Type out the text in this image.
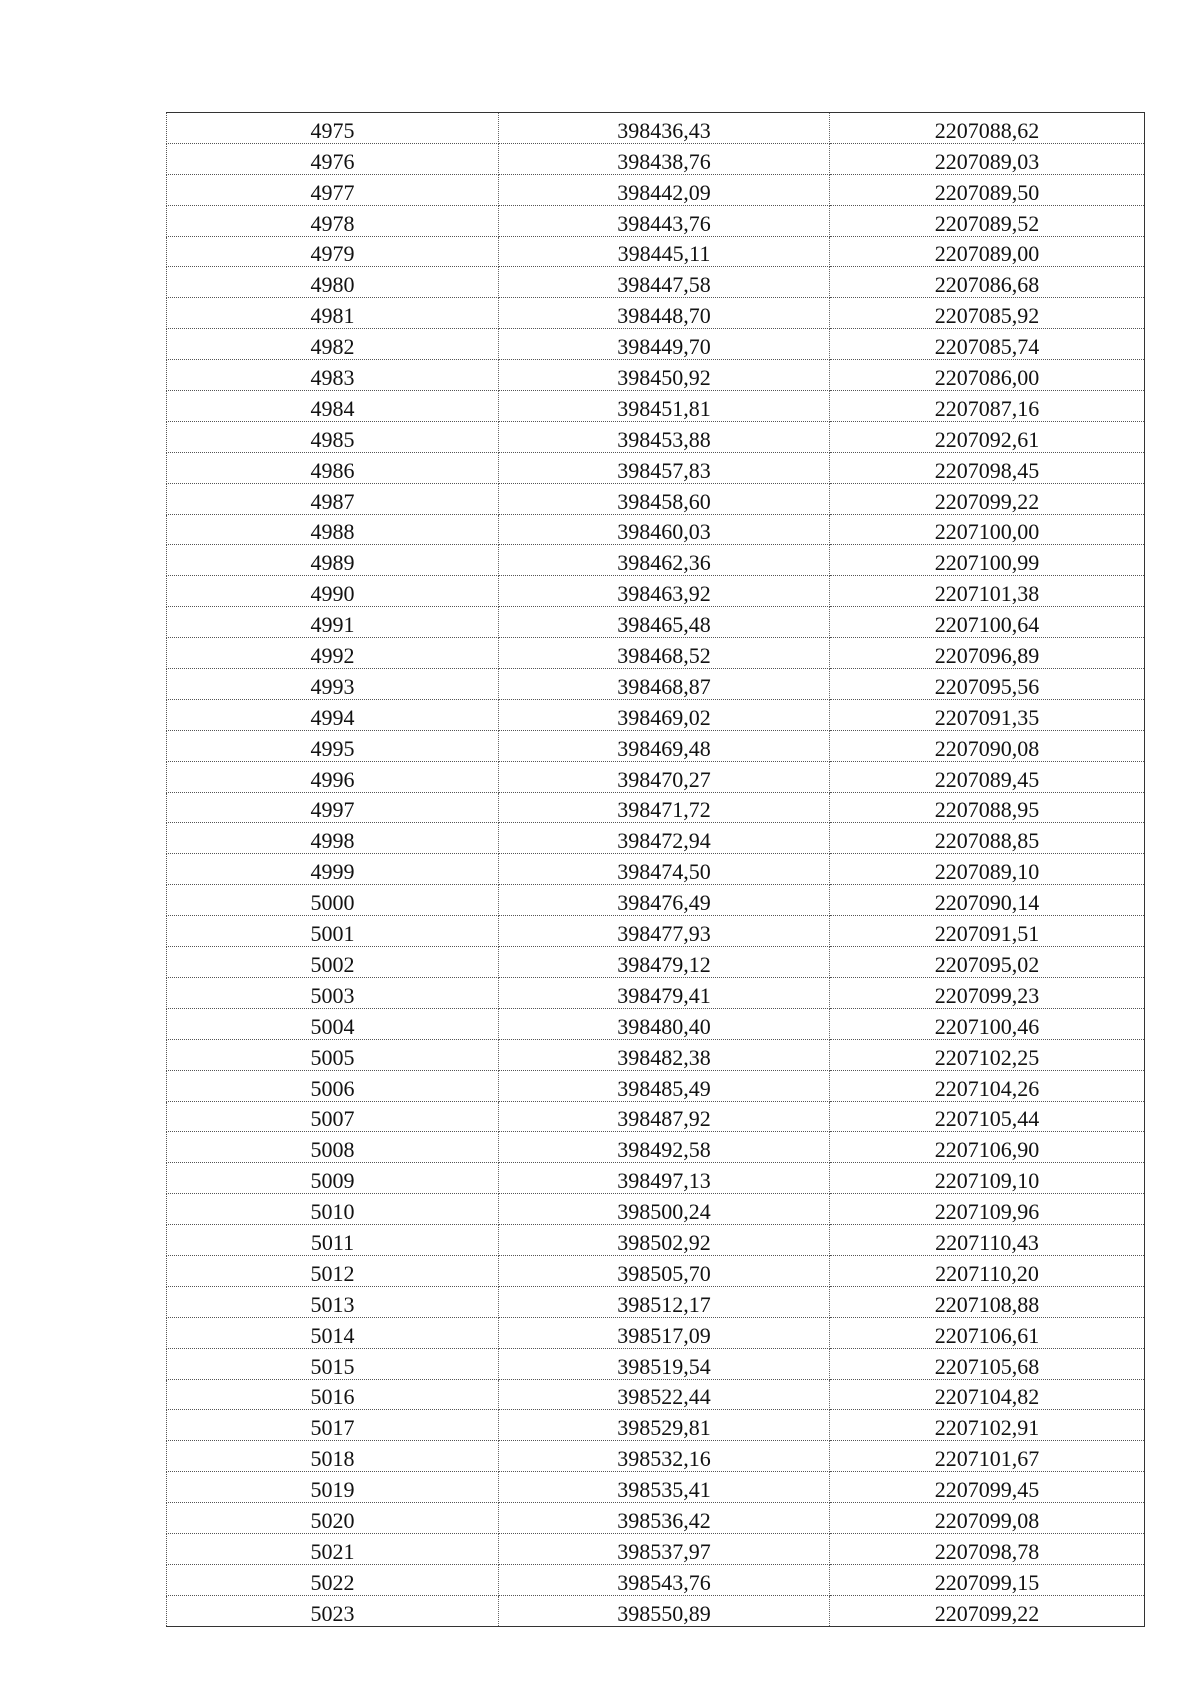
4975	398436,43	2207088,62
4976	398438,76	2207089,03
4977	398442,09	2207089,50
4978	398443,76	2207089,52
4979	398445,11	2207089,00
4980	398447,58	2207086,68
4981	398448,70	2207085,92
4982	398449,70	2207085,74
4983	398450,92	2207086,00
4984	398451,81	2207087,16
4985	398453,88	2207092,61
4986	398457,83	2207098,45
4987	398458,60	2207099,22
4988	398460,03	2207100,00
4989	398462,36	2207100,99
4990	398463,92	2207101,38
4991	398465,48	2207100,64
4992	398468,52	2207096,89
4993	398468,87	2207095,56
4994	398469,02	2207091,35
4995	398469,48	2207090,08
4996	398470,27	2207089,45
4997	398471,72	2207088,95
4998	398472,94	2207088,85
4999	398474,50	2207089,10
5000	398476,49	2207090,14
5001	398477,93	2207091,51
5002	398479,12	2207095,02
5003	398479,41	2207099,23
5004	398480,40	2207100,46
5005	398482,38	2207102,25
5006	398485,49	2207104,26
5007	398487,92	2207105,44
5008	398492,58	2207106,90
5009	398497,13	2207109,10
5010	398500,24	2207109,96
5011	398502,92	2207110,43
5012	398505,70	2207110,20
5013	398512,17	2207108,88
5014	398517,09	2207106,61
5015	398519,54	2207105,68
5016	398522,44	2207104,82
5017	398529,81	2207102,91
5018	398532,16	2207101,67
5019	398535,41	2207099,45
5020	398536,42	2207099,08
5021	398537,97	2207098,78
5022	398543,76	2207099,15
5023	398550,89	2207099,22
